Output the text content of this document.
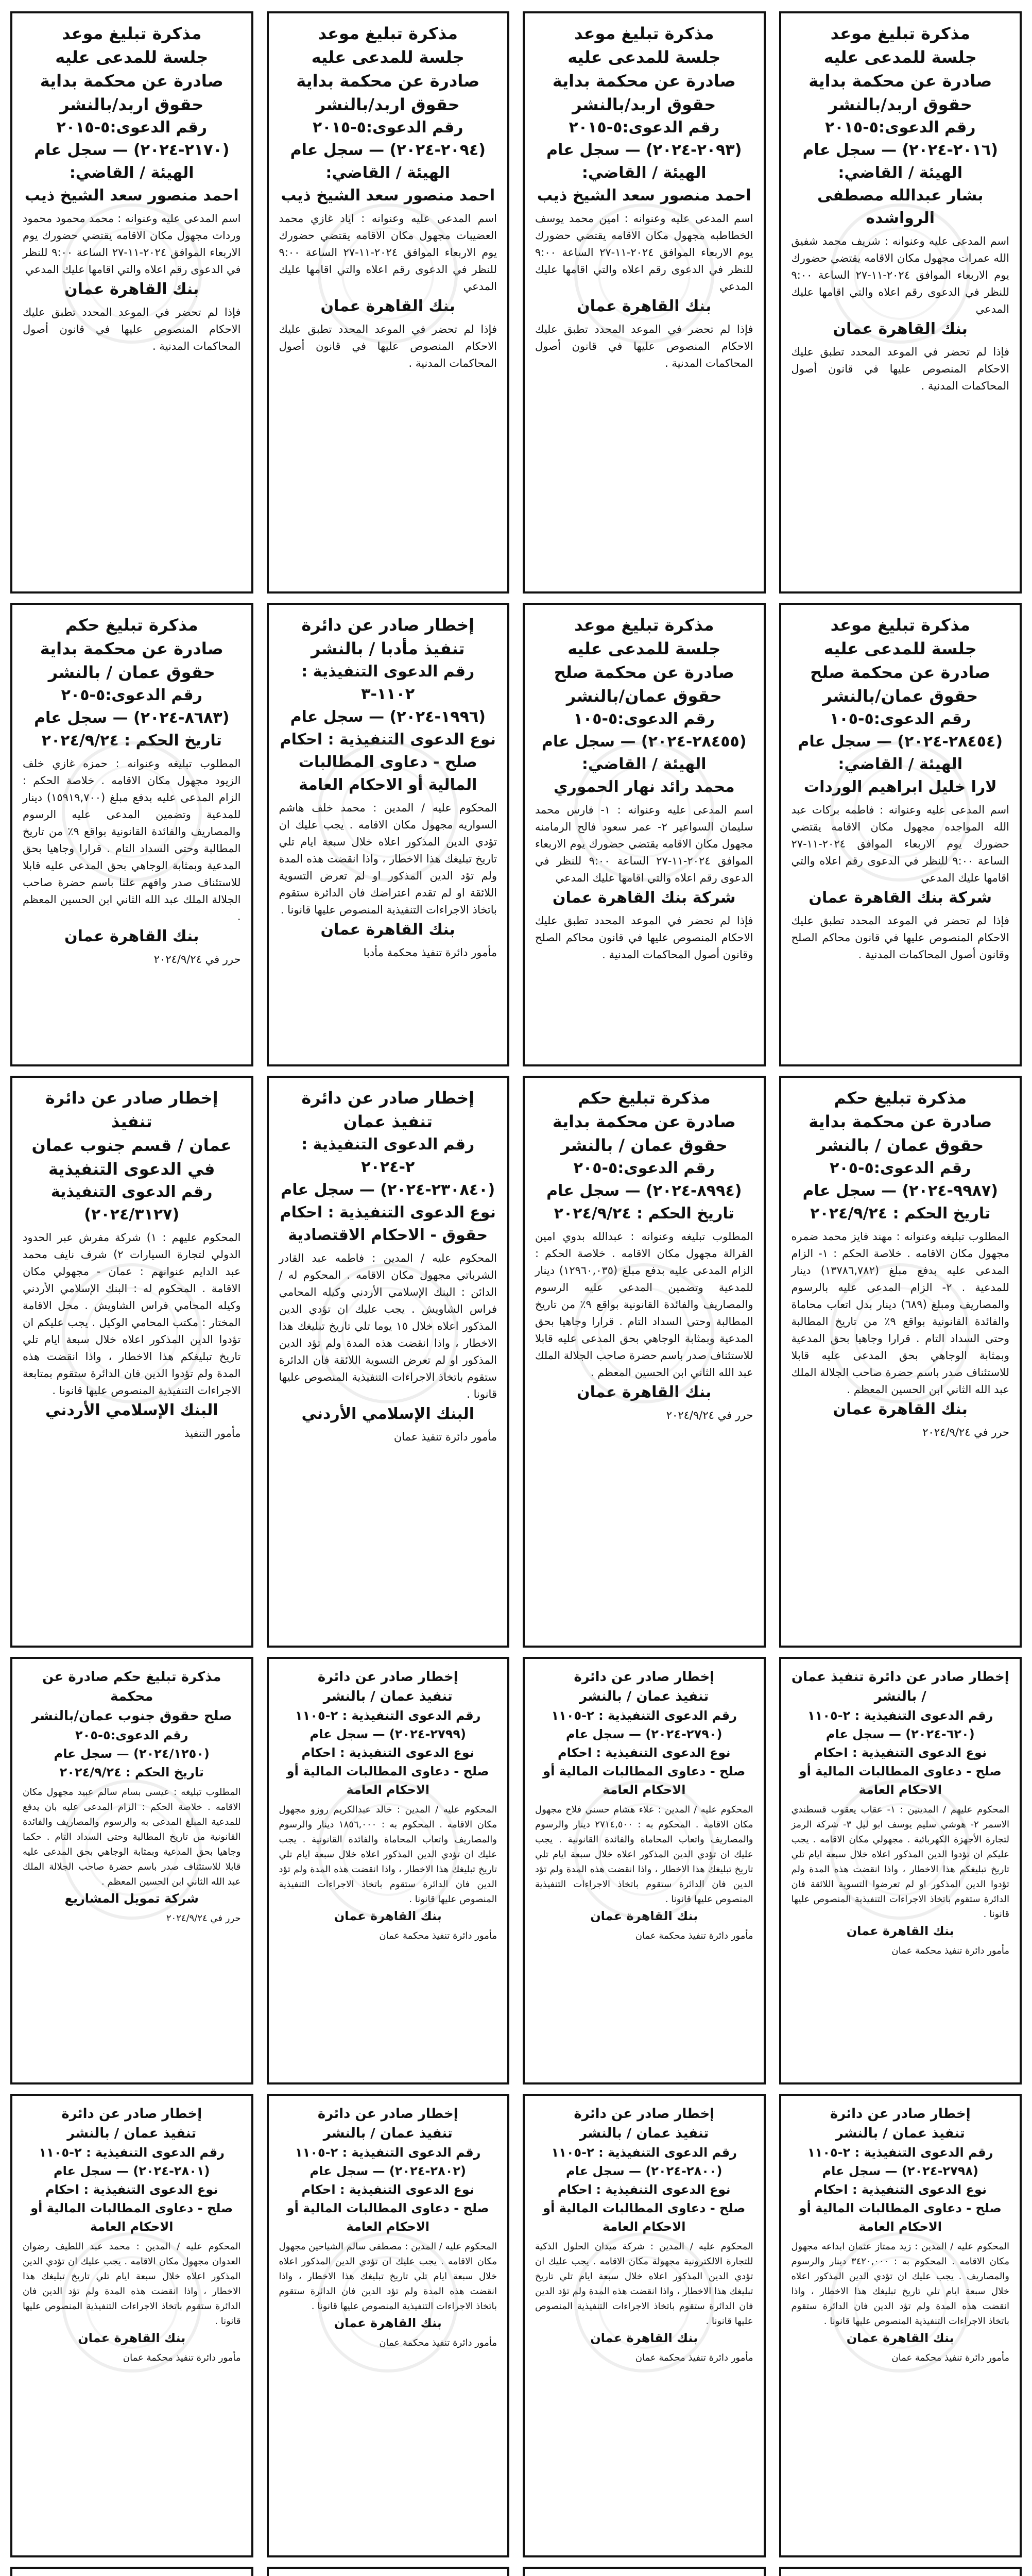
مذكرة تبليغ موعد
جلسة للمدعى عليه
صادرة عن محكمة بداية
حقوق اربد/بالنشر
رقم الدعوى:٥-٢٠١٥
(٢٠١٦-٢٠٢٤) — سجل عام
الهيئة / القاضي:
بشار عبدالله مصطفى الرواشده
اسم المدعى عليه وعنوانه : شريف محمد شفيق الله عمرات مجهول مكان الاقامه يقتضي حضورك يوم الاربعاء الموافق ٢٠٢٤-١١-٢٧ الساعة ٩:٠٠ للنظر في الدعوى رقم اعلاه والتي اقامها عليك المدعي
بنك القاهرة عمان
فإذا لم تحضر في الموعد المحدد تطبق عليك الاحكام المنصوص عليها في قانون أصول المحاكمات المدنية .
مذكرة تبليغ موعد
جلسة للمدعى عليه
صادرة عن محكمة بداية
حقوق اربد/بالنشر
رقم الدعوى:٥-٢٠١٥
(٢٠٩٣-٢٠٢٤) — سجل عام
الهيئة / القاضي:
احمد منصور سعد الشيخ ذيب
اسم المدعى عليه وعنوانه : امين محمد يوسف الخطاطبه مجهول مكان الاقامه يقتضي حضورك يوم الاربعاء الموافق ٢٠٢٤-١١-٢٧ الساعة ٩:٠٠ للنظر في الدعوى رقم اعلاه والتي اقامها عليك المدعي
بنك القاهرة عمان
فإذا لم تحضر في الموعد المحدد تطبق عليك الاحكام المنصوص عليها في قانون أصول المحاكمات المدنية .
مذكرة تبليغ موعد
جلسة للمدعى عليه
صادرة عن محكمة بداية
حقوق اربد/بالنشر
رقم الدعوى:٥-٢٠١٥
(٢٠٩٤-٢٠٢٤) — سجل عام
الهيئة / القاضي:
احمد منصور سعد الشيخ ذيب
اسم المدعى عليه وعنوانه : اياد غازي محمد العضيبات مجهول مكان الاقامه يقتضي حضورك يوم الاربعاء الموافق ٢٠٢٤-١١-٢٧ الساعة ٩:٠٠ للنظر في الدعوى رقم اعلاه والتي اقامها عليك المدعي
بنك القاهرة عمان
فإذا لم تحضر في الموعد المحدد تطبق عليك الاحكام المنصوص عليها في قانون أصول المحاكمات المدنية .
مذكرة تبليغ موعد
جلسة للمدعى عليه
صادرة عن محكمة بداية
حقوق اربد/بالنشر
رقم الدعوى:٥-٢٠١٥
(٢١٧٠-٢٠٢٤) — سجل عام
الهيئة / القاضي:
احمد منصور سعد الشيخ ذيب
اسم المدعى عليه وعنوانه : محمد محمود محمود وردات مجهول مكان الاقامه يقتضي حضورك يوم الاربعاء الموافق ٢٠٢٤-١١-٢٧ الساعة ٩:٠٠ للنظر في الدعوى رقم اعلاه والتي اقامها عليك المدعي
بنك القاهرة عمان
فإذا لم تحضر في الموعد المحدد تطبق عليك الاحكام المنصوص عليها في قانون أصول المحاكمات المدنية .
مذكرة تبليغ موعد
جلسة للمدعى عليه
صادرة عن محكمة صلح
حقوق عمان/بالنشر
رقم الدعوى:٥-١٠٥
(٢٨٤٥٤-٢٠٢٤) — سجل عام
الهيئة / القاضي:
لارا خليل ابراهيم الوردات
اسم المدعى عليه وعنوانه : فاطمه بركات عبد الله المواجده مجهول مكان الاقامه يقتضي حضورك يوم الاربعاء الموافق ٢٠٢٤-١١-٢٧ الساعة ٩:٠٠ للنظر في الدعوى رقم اعلاه والتي اقامها عليك المدعي
شركة بنك القاهرة عمان
فإذا لم تحضر في الموعد المحدد تطبق عليك الاحكام المنصوص عليها في قانون محاكم الصلح وقانون أصول المحاكمات المدنية .
مذكرة تبليغ موعد
جلسة للمدعى عليه
صادرة عن محكمة صلح
حقوق عمان/بالنشر
رقم الدعوى:٥-١٠٥
(٢٨٤٥٥-٢٠٢٤) — سجل عام
الهيئة / القاضي:
محمد رائد نهار الحموري
اسم المدعى عليه وعنوانه : ١- فارس محمد سليمان السواعير ٢- عمر سعود فالح الرمامنه مجهول مكان الاقامه يقتضي حضورك يوم الاربعاء الموافق ٢٠٢٤-١١-٢٧ الساعة ٩:٠٠ للنظر في الدعوى رقم اعلاه والتي اقامها عليك المدعي
شركة بنك القاهرة عمان
فإذا لم تحضر في الموعد المحدد تطبق عليك الاحكام المنصوص عليها في قانون محاكم الصلح وقانون أصول المحاكمات المدنية .
إخطار صادر عن دائرة
تنفيذ مأدبا / بالنشر
رقم الدعوى التنفيذية : ١١٠٢-٣
(١٩٩٦-٢٠٢٤) — سجل عام
نوع الدعوى التنفيذية : احكام
صلح - دعاوى المطالبات المالية أو الاحكام العامة
المحكوم عليه / المدين : محمد خلف هاشم السواريه مجهول مكان الاقامه . يجب عليك ان تؤدي الدين المذكور اعلاه خلال سبعة ايام تلي تاريخ تبليغك هذا الاخطار ، واذا انقضت هذه المدة ولم تؤد الدين المذكور او لم تعرض التسوية اللائقة او لم تقدم اعتراضك فان الدائرة ستقوم باتخاذ الاجراءات التنفيذية المنصوص عليها قانونا .
بنك القاهرة عمان
مأمور دائرة تنفيذ محكمة مأدبا
مذكرة تبليغ حكم
صادرة عن محكمة بداية
حقوق عمان / بالنشر
رقم الدعوى:٥-٢٠٥
(٨٦٨٣-٢٠٢٤) — سجل عام
تاريخ الحكم : ٢٠٢٤/٩/٢٤
المطلوب تبليغه وعنوانه : حمزه غازي خلف الزيود مجهول مكان الاقامه . خلاصة الحكم : الزام المدعى عليه بدفع مبلغ (١٥٩١٩,٧٠٠) دينار للمدعية وتضمين المدعى عليه الرسوم والمصاريف والفائدة القانونية بواقع ٩٪ من تاريخ المطالبة وحتى السداد التام . قرارا وجاهيا بحق المدعية وبمثابة الوجاهي بحق المدعى عليه قابلا للاستئناف صدر وافهم علنا باسم حضرة صاحب الجلالة الملك عبد الله الثاني ابن الحسين المعظم .
بنك القاهرة عمان
حرر في ٢٠٢٤/٩/٢٤
مذكرة تبليغ حكم
صادرة عن محكمة بداية
حقوق عمان / بالنشر
رقم الدعوى:٥-٢٠٥
(٩٩٨٧-٢٠٢٤) — سجل عام
تاريخ الحكم : ٢٠٢٤/٩/٢٤
المطلوب تبليغه وعنوانه : مهند فايز محمد ضمره مجهول مكان الاقامه . خلاصة الحكم : ١- الزام المدعى عليه بدفع مبلغ (١٣٧٨٦,٧٨٢) دينار للمدعية . ٢- الزام المدعى عليه بالرسوم والمصاريف ومبلغ (٦٨٩) دينار بدل اتعاب محاماة والفائدة القانونية بواقع ٩٪ من تاريخ المطالبة وحتى السداد التام . قرارا وجاهيا بحق المدعية وبمثابة الوجاهي بحق المدعى عليه قابلا للاستئناف صدر باسم حضرة صاحب الجلالة الملك عبد الله الثاني ابن الحسين المعظم .
بنك القاهرة عمان
حرر في ٢٠٢٤/٩/٢٤
مذكرة تبليغ حكم
صادرة عن محكمة بداية
حقوق عمان / بالنشر
رقم الدعوى:٥-٢٠٥
(٨٩٩٤-٢٠٢٤) — سجل عام
تاريخ الحكم : ٢٠٢٤/٩/٢٤
المطلوب تبليغه وعنوانه : عبدالله بدوي امين القرالة مجهول مكان الاقامه . خلاصة الحكم : الزام المدعى عليه بدفع مبلغ (١٢٩٦٠,٠٣٥) دينار للمدعية وتضمين المدعى عليه الرسوم والمصاريف والفائدة القانونية بواقع ٩٪ من تاريخ المطالبة وحتى السداد التام . قرارا وجاهيا بحق المدعية وبمثابة الوجاهي بحق المدعى عليه قابلا للاستئناف صدر باسم حضرة صاحب الجلالة الملك عبد الله الثاني ابن الحسين المعظم .
بنك القاهرة عمان
حرر في ٢٠٢٤/٩/٢٤
إخطار صادر عن دائرة
تنفيذ عمان
رقم الدعوى التنفيذية : ٢-٢٠٢٤
(٢٣٠٨٤٠-٢٠٢٤) — سجل عام
نوع الدعوى التنفيذية : احكام
حقوق - الاحكام الاقتصادية
المحكوم عليه / المدين : فاطمه عبد القادر الشرباتي مجهول مكان الاقامه . المحكوم له / الدائن : البنك الإسلامي الأردني وكيله المحامي فراس الشاويش . يجب عليك ان تؤدي الدين المذكور اعلاه خلال ١٥ يوما تلي تاريخ تبليغك هذا الاخطار ، واذا انقضت هذه المدة ولم تؤد الدين المذكور او لم تعرض التسوية اللائقة فان الدائرة ستقوم باتخاذ الاجراءات التنفيذية المنصوص عليها قانونا .
البنك الإسلامي الأردني
مأمور دائرة تنفيذ عمان
إخطار صادر عن دائرة تنفيذ
عمان / قسم جنوب عمان
في الدعوى التنفيذية
رقم الدعوى التنفيذية
(٢٠٢٤/٣١٢٧)
المحكوم عليهم : ١) شركة مفرش عبر الحدود الدولي لتجارة السيارات ٢) شرف نايف محمد عبد الدايم عنوانهم : عمان - مجهولي مكان الاقامة . المحكوم له : البنك الإسلامي الأردني وكيله المحامي فراس الشاويش . محل الاقامة المختار : مكتب المحامي الوكيل . يجب عليكم ان تؤدوا الدين المذكور اعلاه خلال سبعة ايام تلي تاريخ تبليغكم هذا الاخطار ، واذا انقضت هذه المدة ولم تؤدوا الدين فان الدائرة ستقوم بمتابعة الاجراءات التنفيذية المنصوص عليها قانونا .
البنك الإسلامي الأردني
مأمور التنفيذ
إخطار صادر عن دائرة تنفيذ عمان / بالنشر
رقم الدعوى التنفيذية : ٢-١١٠٥
(٦٢٠-٢٠٢٤) — سجل عام
نوع الدعوى التنفيذية : احكام
صلح - دعاوى المطالبات المالية أو الاحكام العامة
المحكوم عليهم / المدينين : ١- عقاب يعقوب قسطندي الاسمر ٢- هوشي سليم يوسف ابو ليل ٣- شركة الرمز لتجارة الأجهزة الكهربائية . مجهولي مكان الاقامه . يجب عليكم ان تؤدوا الدين المذكور اعلاه خلال سبعة ايام تلي تاريخ تبليغكم هذا الاخطار ، واذا انقضت هذه المدة ولم تؤدوا الدين المذكور او لم تعرضوا التسوية اللائقة فان الدائرة ستقوم باتخاذ الاجراءات التنفيذية المنصوص عليها قانونا .
بنك القاهرة عمان
مأمور دائرة تنفيذ محكمة عمان
إخطار صادر عن دائرة
تنفيذ عمان / بالنشر
رقم الدعوى التنفيذية : ٢-١١٠٥
(٢٧٩٠-٢٠٢٤) — سجل عام
نوع الدعوى التنفيذية : احكام
صلح - دعاوى المطالبات المالية أو الاحكام العامة
المحكوم عليه / المدين : علاء هشام حسني فلاح مجهول مكان الاقامه . المحكوم به : ٢٧١٤,٥٠٠ دينار والرسوم والمصاريف واتعاب المحاماة والفائدة القانونية . يجب عليك ان تؤدي الدين المذكور اعلاه خلال سبعة ايام تلي تاريخ تبليغك هذا الاخطار ، واذا انقضت هذه المدة ولم تؤد الدين فان الدائرة ستقوم باتخاذ الاجراءات التنفيذية المنصوص عليها قانونا .
بنك القاهرة عمان
مأمور دائرة تنفيذ محكمة عمان
إخطار صادر عن دائرة
تنفيذ عمان / بالنشر
رقم الدعوى التنفيذية : ٢-١١٠٥
(٢٧٩٩-٢٠٢٤) — سجل عام
نوع الدعوى التنفيذية : احكام
صلح - دعاوى المطالبات المالية أو الاحكام العامة
المحكوم عليه / المدين : خالد عبدالكريم روزو مجهول مكان الاقامه . المحكوم به : ١٨٥٦,٠٠٠ دينار والرسوم والمصاريف واتعاب المحاماة والفائدة القانونية . يجب عليك ان تؤدي الدين المذكور اعلاه خلال سبعة ايام تلي تاريخ تبليغك هذا الاخطار ، واذا انقضت هذه المدة ولم تؤد الدين فان الدائرة ستقوم باتخاذ الاجراءات التنفيذية المنصوص عليها قانونا .
بنك القاهرة عمان
مأمور دائرة تنفيذ محكمة عمان
مذكرة تبليغ حكم صادرة عن محكمة
صلح حقوق جنوب عمان/بالنشر
رقم الدعوى:٥-٢٠٥
(٢٠٢٤/١٢٥٠) — سجل عام
تاريخ الحكم : ٢٠٢٤/٩/٢٤
المطلوب تبليغه : عيسى بسام سالم عبيد مجهول مكان الاقامه . خلاصة الحكم : الزام المدعى عليه بان يدفع للمدعية المبلغ المدعى به والرسوم والمصاريف والفائدة القانونية من تاريخ المطالبة وحتى السداد التام . حكما وجاهيا بحق المدعية وبمثابة الوجاهي بحق المدعى عليه قابلا للاستئناف صدر باسم حضرة صاحب الجلالة الملك عبد الله الثاني ابن الحسين المعظم .
شركة تمويل المشاريع
حرر في ٢٠٢٤/٩/٢٤
إخطار صادر عن دائرة
تنفيذ عمان / بالنشر
رقم الدعوى التنفيذية : ٢-١١٠٥
(٢٧٩٨-٢٠٢٤) — سجل عام
نوع الدعوى التنفيذية : احكام
صلح - دعاوى المطالبات المالية أو الاحكام العامة
المحكوم عليه / المدين : زيد ممتاز عثمان ابداعه مجهول مكان الاقامه . المحكوم به : ٣٤٢٠,٠٠٠ دينار والرسوم والمصاريف . يجب عليك ان تؤدي الدين المذكور اعلاه خلال سبعة ايام تلي تاريخ تبليغك هذا الاخطار ، واذا انقضت هذه المدة ولم تؤد الدين فان الدائرة ستقوم باتخاذ الاجراءات التنفيذية المنصوص عليها قانونا .
بنك القاهرة عمان
مأمور دائرة تنفيذ محكمة عمان
إخطار صادر عن دائرة
تنفيذ عمان / بالنشر
رقم الدعوى التنفيذية : ٢-١١٠٥
(٢٨٠٠-٢٠٢٤) — سجل عام
نوع الدعوى التنفيذية : احكام
صلح - دعاوى المطالبات المالية أو الاحكام العامة
المحكوم عليه / المدين : شركة ميدان الحلول الذكية للتجارة الالكترونية مجهولة مكان الاقامه . يجب عليك ان تؤدي الدين المذكور اعلاه خلال سبعة ايام تلي تاريخ تبليغك هذا الاخطار ، واذا انقضت هذه المدة ولم تؤد الدين فان الدائرة ستقوم باتخاذ الاجراءات التنفيذية المنصوص عليها قانونا .
بنك القاهرة عمان
مأمور دائرة تنفيذ محكمة عمان
إخطار صادر عن دائرة
تنفيذ عمان / بالنشر
رقم الدعوى التنفيذية : ٢-١١٠٥
(٢٨٠٢-٢٠٢٤) — سجل عام
نوع الدعوى التنفيذية : احكام
صلح - دعاوى المطالبات المالية أو الاحكام العامة
المحكوم عليه / المدين : مصطفى سالم الشياحين مجهول مكان الاقامه . يجب عليك ان تؤدي الدين المذكور اعلاه خلال سبعة ايام تلي تاريخ تبليغك هذا الاخطار ، واذا انقضت هذه المدة ولم تؤد الدين فان الدائرة ستقوم باتخاذ الاجراءات التنفيذية المنصوص عليها قانونا .
بنك القاهرة عمان
مأمور دائرة تنفيذ محكمة عمان
إخطار صادر عن دائرة
تنفيذ عمان / بالنشر
رقم الدعوى التنفيذية : ٢-١١٠٥
(٢٨٠١-٢٠٢٤) — سجل عام
نوع الدعوى التنفيذية : احكام
صلح - دعاوى المطالبات المالية أو الاحكام العامة
المحكوم عليه / المدين : محمد عبد اللطيف رضوان العدوان مجهول مكان الاقامه . يجب عليك ان تؤدي الدين المذكور اعلاه خلال سبعة ايام تلي تاريخ تبليغك هذا الاخطار ، واذا انقضت هذه المدة ولم تؤد الدين فان الدائرة ستقوم باتخاذ الاجراءات التنفيذية المنصوص عليها قانونا .
بنك القاهرة عمان
مأمور دائرة تنفيذ محكمة عمان
